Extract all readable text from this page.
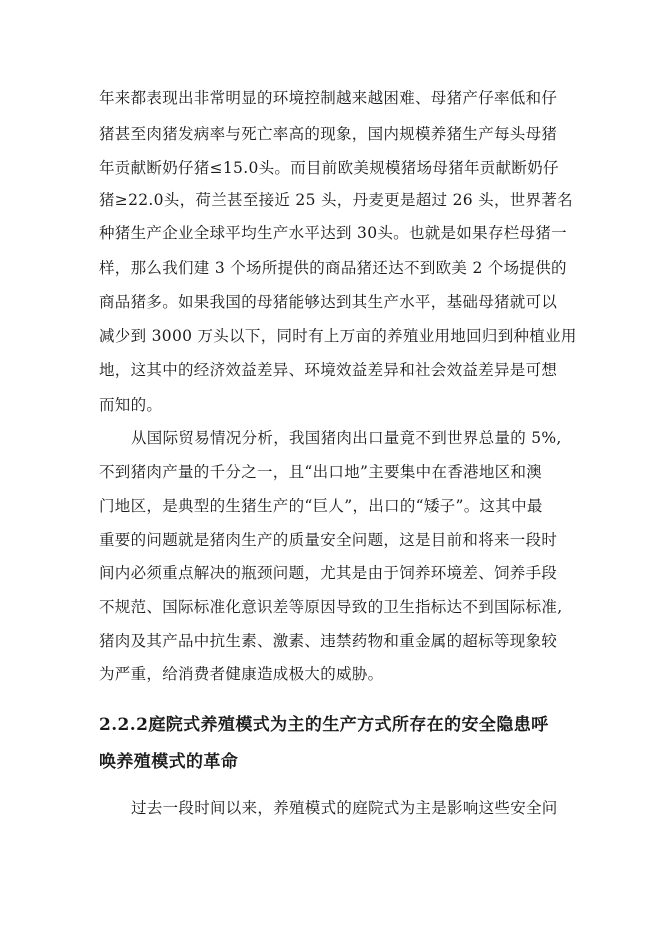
年来都表现出非常明显的环境控制越来越困难、母猪产仔率低和仔
猪甚至肉猪发病率与死亡率高的现象，国内规模养猪生产每头母猪
年贡献断奶仔猪≤15.0头。而目前欧美规模猪场母猪年贡献断奶仔
猪≥22.0头，荷兰甚至接近 25 头，丹麦更是超过 26 头，世界著名
种猪生产企业全球平均生产水平达到 30头。也就是如果存栏母猪一
样，那么我们建 3 个场所提供的商品猪还达不到欧美 2 个场提供的
商品猪多。如果我国的母猪能够达到其生产水平，基础母猪就可以
减少到 3000 万头以下，同时有上万亩的养殖业用地回归到种植业用
地，这其中的经济效益差异、环境效益差异和社会效益差异是可想
而知的。
从国际贸易情况分析，我国猪肉出口量竟不到世界总量的 5%,
不到猪肉产量的千分之一，且“出口地”主要集中在香港地区和澳
门地区，是典型的生猪生产的“巨人”，出口的“矮子”。这其中最
重要的问题就是猪肉生产的质量安全问题，这是目前和将来一段时
间内必须重点解决的瓶颈问题，尤其是由于饲养环境差、饲养手段
不规范、国际标准化意识差等原因导致的卫生指标达不到国际标准,
猪肉及其产品中抗生素、激素、违禁药物和重金属的超标等现象较
为严重，给消费者健康造成极大的威胁。
2.2.2庭院式养殖模式为主的生产方式所存在的安全隐患呼
唤养殖模式的革命
过去一段时间以来，养殖模式的庭院式为主是影响这些安全问
